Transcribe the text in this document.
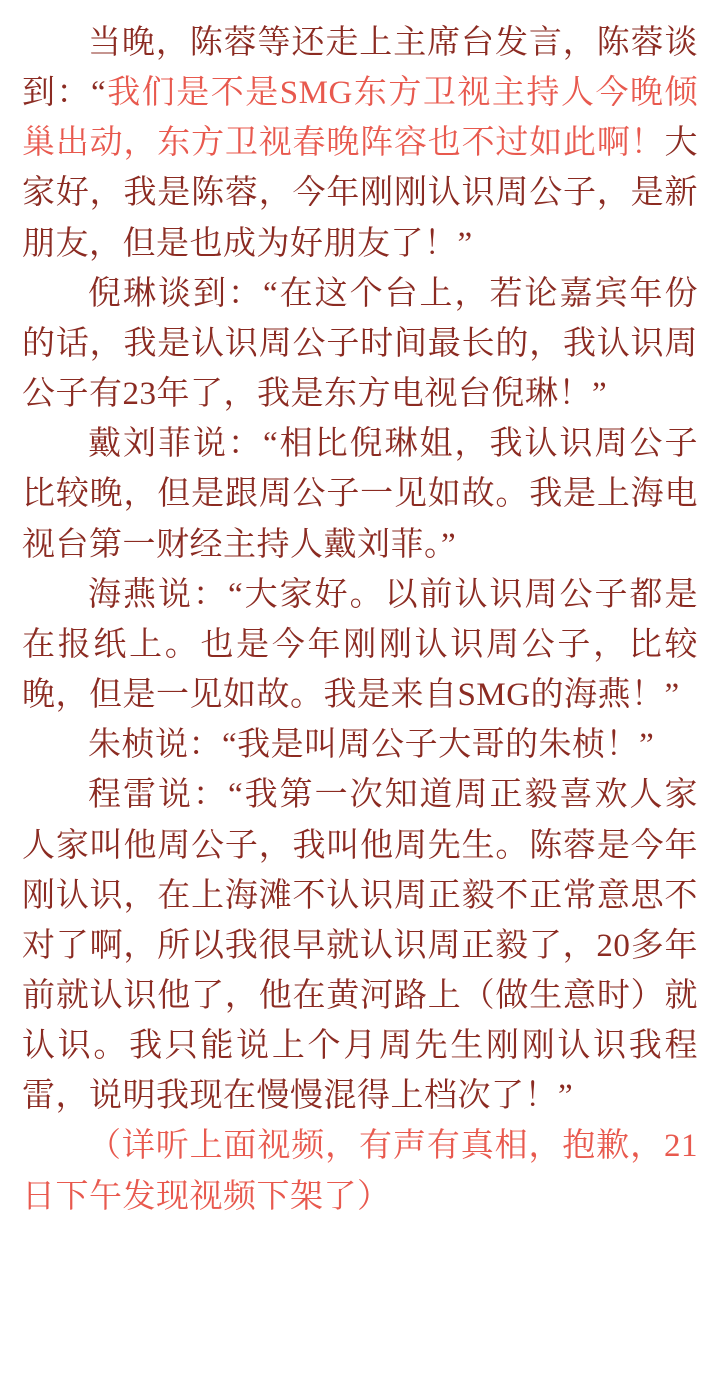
当晚，陈蓉等还走上主席台发言，陈蓉谈到：“我们是不是SMG东方卫视主持人今晚倾巢出动，东方卫视春晚阵容也不过如此啊！大家好，我是陈蓉，今年刚刚认识周公子，是新朋友，但是也成为好朋友了！”

倪琳谈到：“在这个台上，若论嘉宾年份的话，我是认识周公子时间最长的，我认识周公子有23年了，我是东方电视台倪琳！”

戴刘菲说：“相比倪琳姐，我认识周公子比较晚，但是跟周公子一见如故。我是上海电视台第一财经主持人戴刘菲。”

海燕说：“大家好。以前认识周公子都是在报纸上。也是今年刚刚认识周公子，比较晚，但是一见如故。我是来自SMG的海燕！”

朱桢说：“我是叫周公子大哥的朱桢！”

程雷说：“我第一次知道周正毅喜欢人家人家叫他周公子，我叫他周先生。陈蓉是今年刚认识，在上海滩不认识周正毅不正常意思不对了啊，所以我很早就认识周正毅了，20多年前就认识他了，他在黄河路上（做生意时）就认识。我只能说上个月周先生刚刚认识我程雷，说明我现在慢慢混得上档次了！”

（详听上面视频，有声有真相，抱歉，21日下午发现视频下架了）
